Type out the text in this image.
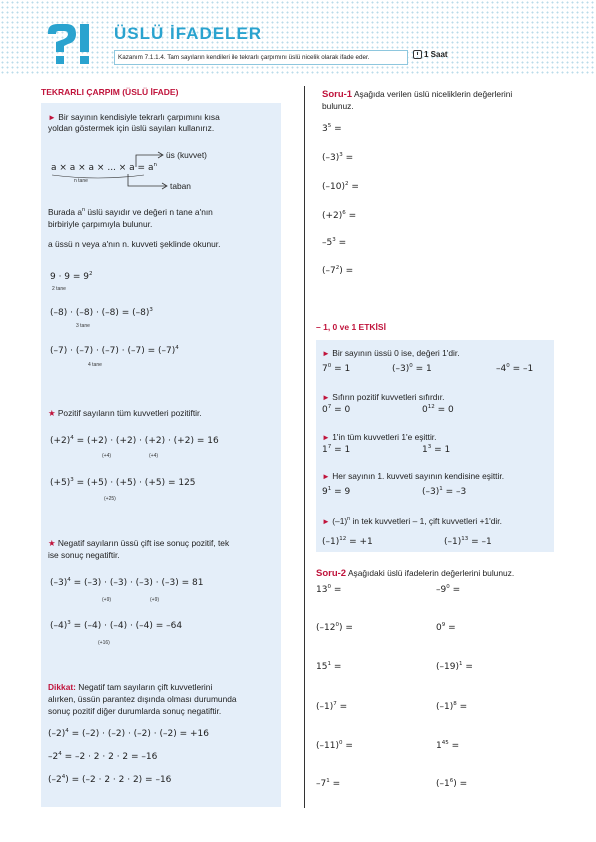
ÜSLÜ İFADELER
Kazanım 7.1.1.4. Tam sayıların kendileri ile tekrarlı çarpımını üslü nicelik olarak ifade eder.	1 Saat
TEKRARLI ÇARPIM (ÜSLÜ İFADE)
► Bir sayının kendisiyle tekrarlı çarpımını kısa
yoldan göstermek için üslü sayıları kullanırız.
a × a × a × ... × $a = a^n$
n tane
üs (kuvvet)
taban
Burada $a^n$ üslü sayıdır ve değeri n tane a'nın
birbiriyle çarpımıyla bulunur.
a üssü n veya a'nın n. kuvveti şeklinde okunur.
$9 \cdot 9 = 9^2$
2 tane
$(-8) \cdot (-8) \cdot (-8) = (-8)^3$
3 tane
$(-7) \cdot (-7) \cdot (-7) \cdot (-7) = (-7)^4$
4 tane
★ Pozitif sayıların tüm kuvvetleri pozitiftir.
$(+2)^4 = (+2) \cdot (+2) \cdot (+2) \cdot (+2) = 16$
(+4)	(+4)
$(+5)^3 = (+5) \cdot (+5) \cdot (+5) = 125$
(+25)
★ Negatif sayıların üssü çift ise sonuç pozitif, tek
ise sonuç negatiftir.
$(-3)^4 = (-3) \cdot (-3) \cdot (-3) \cdot (-3) = 81$
(+9)	(+9)
$(-4)^3 = (-4) \cdot (-4) \cdot (-4) = -64$
(+16)
Dikkat: Negatif tam sayıların çift kuvvetlerini
alırken, üssün parantez dışında olması durumunda
sonuç pozitif diğer durumlarda sonuç negatiftir.
$(-2)^4 = (-2) \cdot (-2) \cdot (-2) \cdot (-2) = +16$
$-2^4 = -2 \cdot 2 \cdot 2 \cdot 2 = -16$
$(-2^4) = (-2 \cdot 2 \cdot 2 \cdot 2) = -16$
Soru-1 Aşağıda verilen üslü niceliklerin değerlerini
bulunuz.
$3^5$ =
$(-3)^3$ =
$(-10)^2$ =
$(+2)^6$ =
$-5^3$ =
$(-7^2)$ =
– 1, 0 ve 1 ETKİSİ
► Bir sayının üssü 0 ise, değeri 1'dir.
$7^0 = 1$	$(-3)^0 = 1$	$-4^0 = -1$
► Sıfırın pozitif kuvvetleri sıfırdır.
$0^7 = 0$	$0^{12} = 0$
► 1'in tüm kuvvetleri 1'e eşittir.
$1^7 = 1$	$1^3 = 1$
► Her sayının 1. kuvveti sayının kendisine eşittir.
$9^1 = 9$	$(-3)^1 = -3$
► $(-1)^n$ in tek kuvvetleri – 1, çift kuvvetleri +1'dir.
$(-1)^{12} = +1$	$(-1)^{13} = -1$
Soru-2 Aşağıdaki üslü ifadelerin değerlerini bulunuz.
$13^0$ =	$-9^0$ =
$(-12^0)$ =	$0^9$ =
$15^1$ =	$(-19)^1$ =
$(-1)^7$ =	$(-1)^8$ =
$(-11)^0$ =	$1^{45}$ =
$-7^1$ =	$(-1^6)$ =
